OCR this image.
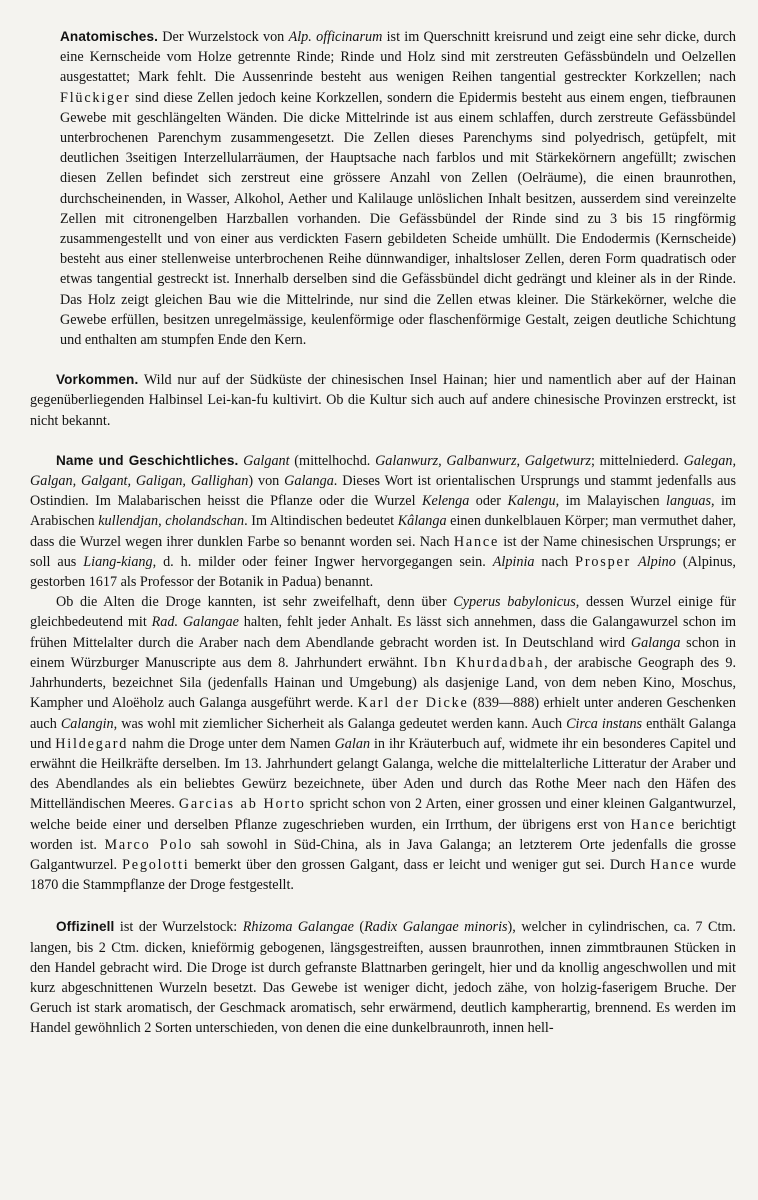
Anatomisches. Der Wurzelstock von Alp. officinarum ist im Querschnitt kreisrund und zeigt eine sehr dicke, durch eine Kernscheide vom Holze getrennte Rinde; Rinde und Holz sind mit zerstreuten Gefässbündeln und Oelzellen ausgestattet; Mark fehlt. Die Aussenrinde besteht aus wenigen Reihen tangential gestreckter Korkzellen; nach Flückiger sind diese Zellen jedoch keine Korkzellen, sondern die Epidermis besteht aus einem engen, tiefbraunen Gewebe mit geschlängelten Wänden. Die dicke Mittelrinde ist aus einem schlaffen, durch zerstreute Gefässbündel unterbrochenen Parenchym zusammengesetzt. Die Zellen dieses Parenchyms sind polyedrisch, getüpfelt, mit deutlichen 3seitigen Interzellularräumen, der Hauptsache nach farblos und mit Stärkekörnern angefüllt; zwischen diesen Zellen befindet sich zerstreut eine grössere Anzahl von Zellen (Oelräume), die einen braunrothen, durchscheinenden, in Wasser, Alkohol, Aether und Kalilauge unlöslichen Inhalt besitzen, ausserdem sind vereinzelte Zellen mit citronengelben Harzballen vorhanden. Die Gefässbündel der Rinde sind zu 3 bis 15 ringförmig zusammengestellt und von einer aus verdickten Fasern gebildeten Scheide umhüllt. Die Endodermis (Kernscheide) besteht aus einer stellenweise unterbrochenen Reihe dünnwandiger, inhaltsloser Zellen, deren Form quadratisch oder etwas tangential gestreckt ist. Innerhalb derselben sind die Gefässbündel dicht gedrängt und kleiner als in der Rinde. Das Holz zeigt gleichen Bau wie die Mittelrinde, nur sind die Zellen etwas kleiner. Die Stärkekörner, welche die Gewebe erfüllen, besitzen unregelmässige, keulenförmige oder flaschenförmige Gestalt, zeigen deutliche Schichtung und enthalten am stumpfen Ende den Kern.

Vorkommen. Wild nur auf der Südküste der chinesischen Insel Hainan; hier und namentlich aber auf der Hainan gegenüberliegenden Halbinsel Lei-kan-fu kultivirt. Ob die Kultur sich auch auf andere chinesische Provinzen erstreckt, ist nicht bekannt.

Name und Geschichtliches. Galgant (mittelhochd. Galanwurz, Galbanwurz, Galgetwurz; mittelniederd. Galegan, Galgan, Galgant, Galigan, Gallighan) von Galanga. Dieses Wort ist orientalischen Ursprungs und stammt jedenfalls aus Ostindien. Im Malabarischen heisst die Pflanze oder die Wurzel Kelenga oder Kalengu, im Malayischen languas, im Arabischen kullendjan, cholandschan. Im Altindischen bedeutet Kâlanga einen dunkelblauen Körper; man vermuthet daher, dass die Wurzel wegen ihrer dunklen Farbe so benannt worden sei. Nach Hance ist der Name chinesischen Ursprungs; er soll aus Liang-kiang, d. h. milder oder feiner Ingwer hervorgegangen sein. Alpinia nach Prosper Alpino (Alpinus, gestorben 1617 als Professor der Botanik in Padua) benannt.

Ob die Alten die Droge kannten, ist sehr zweifelhaft, denn über Cyperus babylonicus, dessen Wurzel einige für gleichbedeutend mit Rad. Galangae halten, fehlt jeder Anhalt. Es lässt sich annehmen, dass die Galangawurzel schon im frühen Mittelalter durch die Araber nach dem Abendlande gebracht worden ist. In Deutschland wird Galanga schon in einem Würzburger Manuscripte aus dem 8. Jahrhundert erwähnt. Ibn Khurdadbah, der arabische Geograph des 9. Jahrhunderts, bezeichnet Sila (jedenfalls Hainan und Umgebung) als dasjenige Land, von dem neben Kino, Moschus, Kampher und Aloëholz auch Galanga ausgeführt werde. Karl der Dicke (839—888) erhielt unter anderen Geschenken auch Calangin, was wohl mit ziemlicher Sicherheit als Galanga gedeutet werden kann. Auch Circa instans enthält Galanga und Hildegard nahm die Droge unter dem Namen Galan in ihr Kräuterbuch auf, widmete ihr ein besonderes Capitel und erwähnt die Heilkräfte derselben. Im 13. Jahrhundert gelangt Galanga, welche die mittelalterliche Litteratur der Araber und des Abendlandes als ein beliebtes Gewürz bezeichnete, über Aden und durch das Rothe Meer nach den Häfen des Mittelländischen Meeres. Garcias ab Horto spricht schon von 2 Arten, einer grossen und einer kleinen Galgantwurzel, welche beide einer und derselben Pflanze zugeschrieben wurden, ein Irrthum, der übrigens erst von Hance berichtigt worden ist. Marco Polo sah sowohl in Süd-China, als in Java Galanga; an letzterem Orte jedenfalls die grosse Galgantwurzel. Pegolotti bemerkt über den grossen Galgant, dass er leicht und weniger gut sei. Durch Hance wurde 1870 die Stammpflanze der Droge festgestellt.

Offizinell ist der Wurzelstock: Rhizoma Galangae (Radix Galangae minoris), welcher in cylindrischen, ca. 7 Ctm. langen, bis 2 Ctm. dicken, knieförmig gebogenen, längsgestreiften, aussen braunrothen, innen zimmtbraunen Stücken in den Handel gebracht wird. Die Droge ist durch gefranste Blattnarben geringelt, hier und da knollig angeschwollen und mit kurz abgeschnittenen Wurzeln besetzt. Das Gewebe ist weniger dicht, jedoch zähe, von holzig-faserigem Bruche. Der Geruch ist stark aromatisch, der Geschmack aromatisch, sehr erwärmend, deutlich kampherartig, brennend. Es werden im Handel gewöhnlich 2 Sorten unterschieden, von denen die eine dunkelbraunroth, innen hell-
